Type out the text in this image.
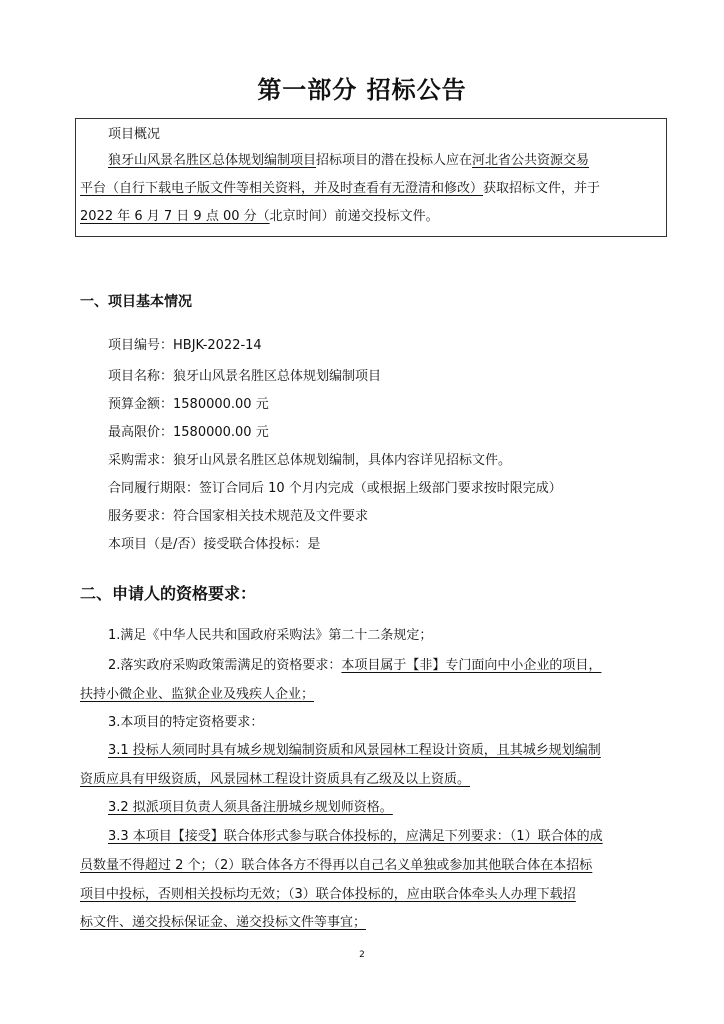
第一部分 招标公告

项目概况

狼牙山风景名胜区总体规划编制项目招标项目的潜在投标人应在河北省公共资源交易

平台（自行下载电子版文件等相关资料，并及时查看有无澄清和修改）获取招标文件，并于

2022 年 6 月 7 日 9 点 00 分（北京时间）前递交投标文件。

一、项目基本情况

项目编号：HBJK-2022-14

项目名称：狼牙山风景名胜区总体规划编制项目

预算金额：1580000.00 元

最高限价：1580000.00 元

采购需求：狼牙山风景名胜区总体规划编制，具体内容详见招标文件。

合同履行期限：签订合同后 10 个月内完成（或根据上级部门要求按时限完成）

服务要求：符合国家相关技术规范及文件要求

本项目（是/否）接受联合体投标：是

二、申请人的资格要求：

1.满足《中华人民共和国政府采购法》第二十二条规定；

2.落实政府采购政策需满足的资格要求：本项目属于【非】专门面向中小企业的项目，

扶持小微企业、监狱企业及残疾人企业；

3.本项目的特定资格要求：

3.1 投标人须同时具有城乡规划编制资质和风景园林工程设计资质，且其城乡规划编制

资质应具有甲级资质，风景园林工程设计资质具有乙级及以上资质。

3.2 拟派项目负责人须具备注册城乡规划师资格。

3.3 本项目【接受】联合体形式参与联合体投标的，应满足下列要求：（1）联合体的成

员数量不得超过 2 个；（2）联合体各方不得再以自己名义单独或参加其他联合体在本招标

项目中投标，否则相关投标均无效；（3）联合体投标的，应由联合体牵头人办理下载招

标文件、递交投标保证金、递交投标文件等事宜；

2
